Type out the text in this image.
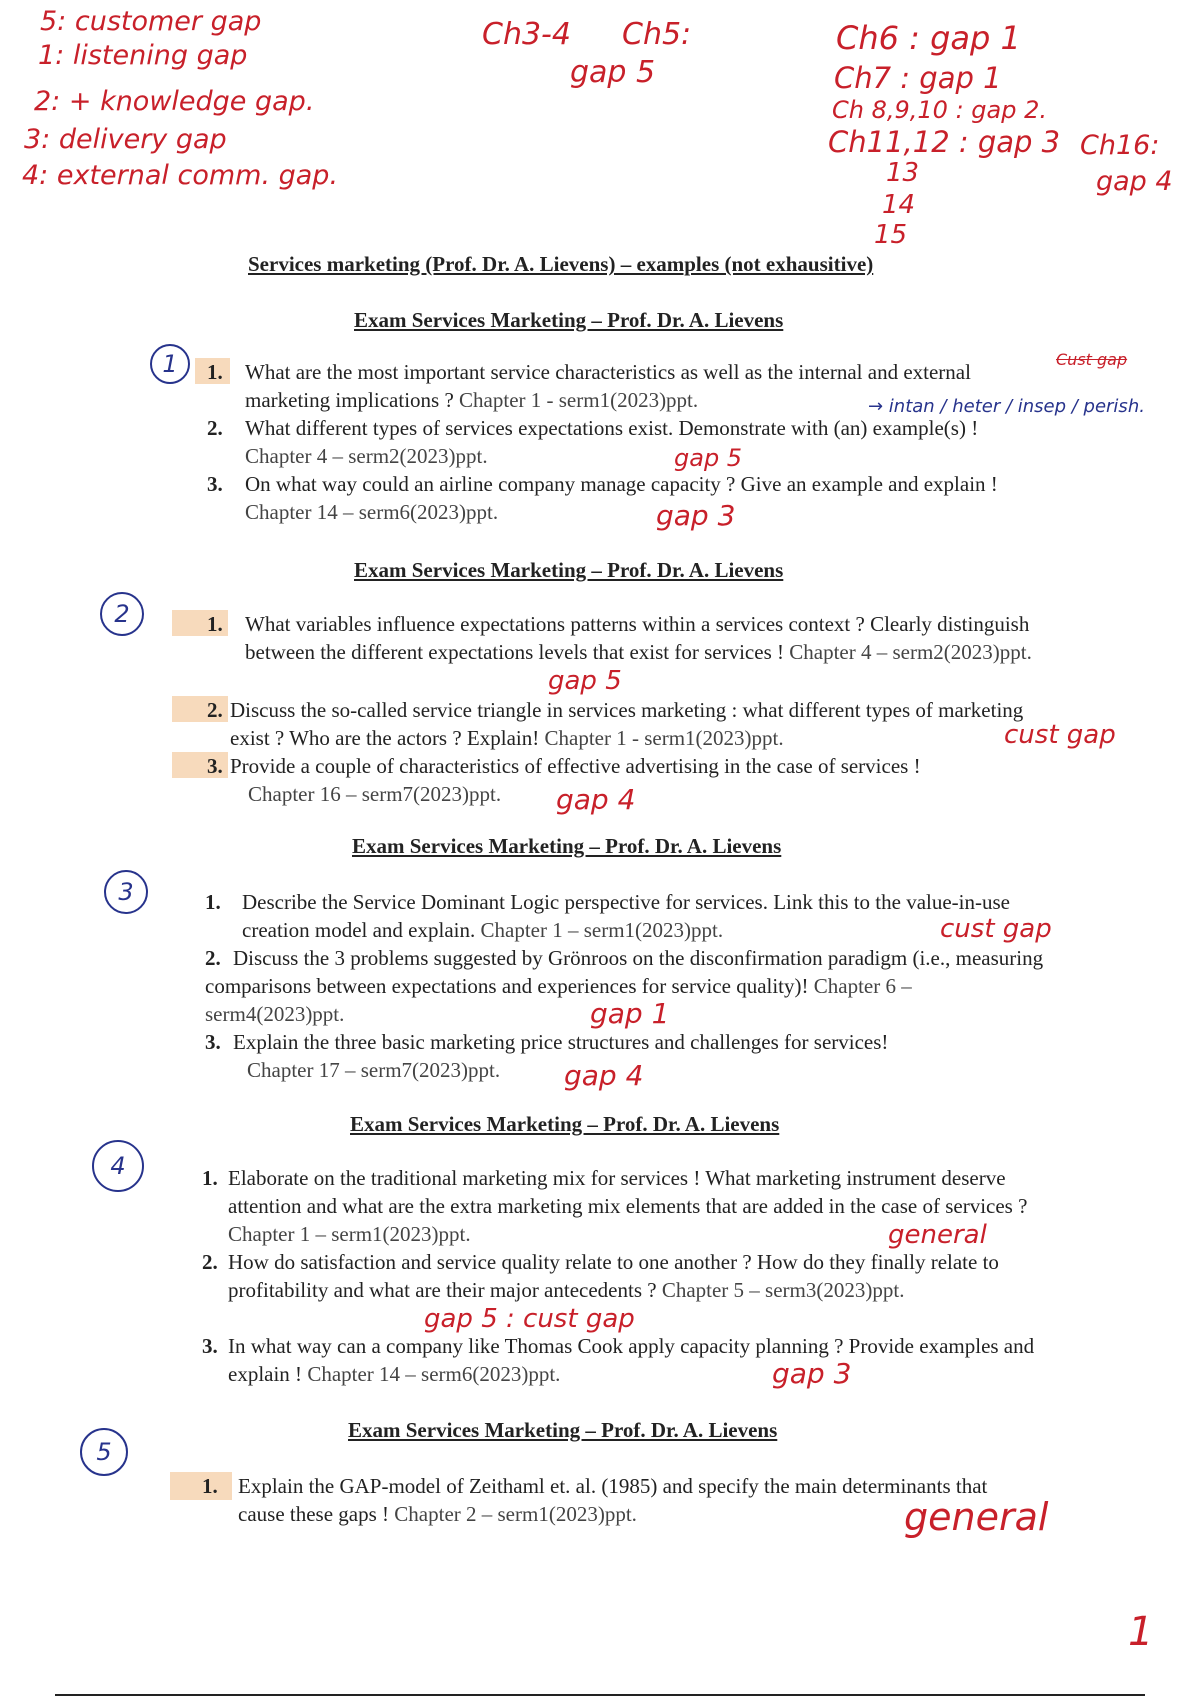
5: customer gap
1: listening gap
2: + knowledge gap.
3: delivery gap
4: external comm. gap.
Ch3-4 Ch5:
gap 5
Ch6 : gap 1
Ch7 : gap 1
Ch 8,9,10 : gap 2.
Ch11,12 : gap 3
13
14
15
Ch16:
gap 4
Services marketing (Prof. Dr. A. Lievens) – examples (not exhausitive)
Exam Services Marketing – Prof. Dr. A. Lievens
1	1. What are the most important service characteristics as well as the internal and external marketing implications ? Chapter 1 - serm1(2023)ppt.
Cust gap
→ intan / heter / insep / perish.
2. What different types of services expectations exist. Demonstrate with (an) example(s) ! Chapter 4 – serm2(2023)ppt.	gap 5
3. On what way could an airline company manage capacity ? Give an example and explain ! Chapter 14 – serm6(2023)ppt.	gap 3
Exam Services Marketing – Prof. Dr. A. Lievens
2	1. What variables influence expectations patterns within a services context ? Clearly distinguish between the different expectations levels that exist for services ! Chapter 4 – serm2(2023)ppt.
gap 5
2. Discuss the so-called service triangle in services marketing : what different types of marketing exist ? Who are the actors ? Explain! Chapter 1 - serm1(2023)ppt.	cust gap
3. Provide a couple of characteristics of effective advertising in the case of services !
Chapter 16 – serm7(2023)ppt.	gap 4
Exam Services Marketing – Prof. Dr. A. Lievens
3	1. Describe the Service Dominant Logic perspective for services. Link this to the value-in-use creation model and explain. Chapter 1 – serm1(2023)ppt.	cust gap
2. Discuss the 3 problems suggested by Grönroos on the disconfirmation paradigm (i.e., measuring comparisons between expectations and experiences for service quality)! Chapter 6 – serm4(2023)ppt.	gap 1
3. Explain the three basic marketing price structures and challenges for services!
Chapter 17 – serm7(2023)ppt.	gap 4
Exam Services Marketing – Prof. Dr. A. Lievens
4	1. Elaborate on the traditional marketing mix for services ! What marketing instrument deserve attention and what are the extra marketing mix elements that are added in the case of services ? Chapter 1 – serm1(2023)ppt.	general
2. How do satisfaction and service quality relate to one another ? How do they finally relate to profitability and what are their major antecedents ? Chapter 5 – serm3(2023)ppt.
gap 5 : cust gap
3. In what way can a company like Thomas Cook apply capacity planning ? Provide examples and explain ! Chapter 14 – serm6(2023)ppt.	gap 3
Exam Services Marketing – Prof. Dr. A. Lievens
5
1. Explain the GAP-model of Zeithaml et. al. (1985) and specify the main determinants that cause these gaps ! Chapter 2 – serm1(2023)ppt.	general
1
